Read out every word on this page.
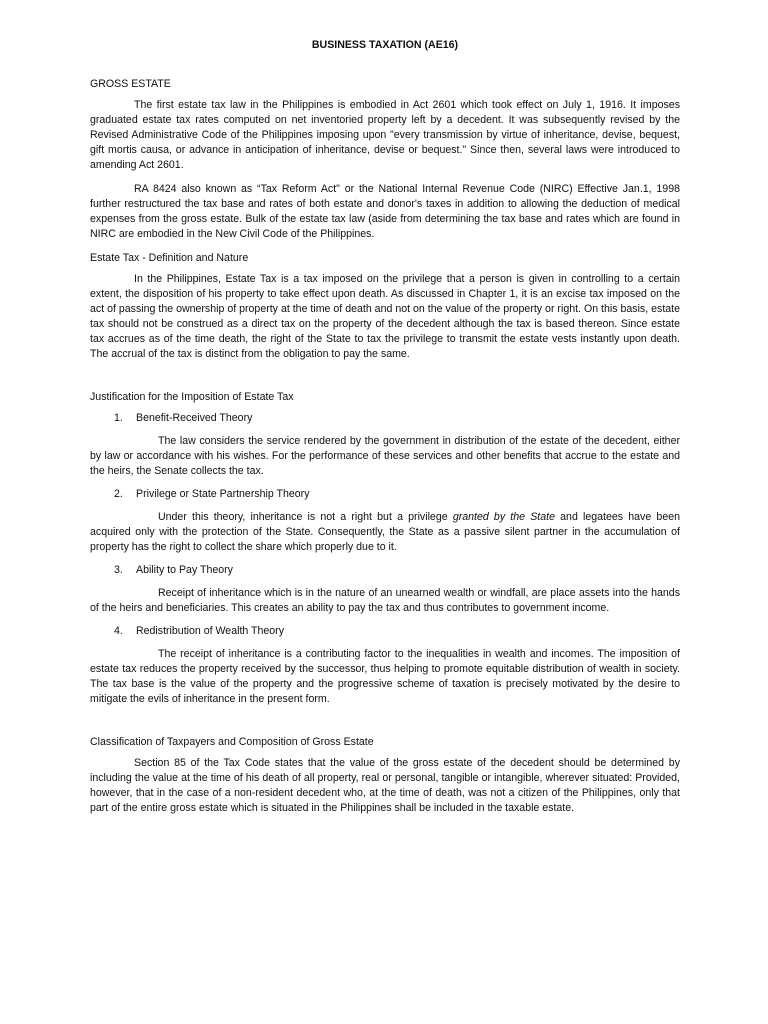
BUSINESS TAXATION (AE16)
GROSS ESTATE

The first estate tax law in the Philippines is embodied in Act 2601 which took effect on July 1, 1916. It imposes graduated estate tax rates computed on net inventoried property left by a decedent. It was subsequently revised by the Revised Administrative Code of the Philippines imposing upon "every transmission by virtue of inheritance, devise, bequest, gift mortis causa, or advance in anticipation of inheritance, devise or bequest." Since then, several laws were introduced to amending Act 2601.

RA 8424 also known as “Tax Reform Act" or the National Internal Revenue Code (NIRC) Effective Jan.1, 1998 further restructured the tax base and rates of both estate and donor's taxes in addition to allowing the deduction of medical expenses from the gross estate. Bulk of the estate tax law (aside from determining the tax base and rates which are found in NIRC are embodied in the New Civil Code of the Philippines.

Estate Tax - Definition and Nature

In the Philippines, Estate Tax is a tax imposed on the privilege that a person is given in controlling to a certain extent, the disposition of his property to take effect upon death. As discussed in Chapter 1, it is an excise tax imposed on the act of passing the ownership of property at the time of death and not on the value of the property or right. On this basis, estate tax should not be construed as a direct tax on the property of the decedent although the tax is based thereon. Since estate tax accrues as of the time death, the right of the State to tax the privilege to transmit the estate vests instantly upon death. The accrual of the tax is distinct from the obligation to pay the same.

Justification for the Imposition of Estate Tax
1.	Benefit-Received Theory

The law considers the service rendered by the government in distribution of the estate of the decedent, either by law or accordance with his wishes. For the performance of these services and other benefits that accrue to the estate and the heirs, the Senate collects the tax.

2.	Privilege or State Partnership Theory

Under this theory, inheritance is not a right but a privilege granted by the State and legatees have been acquired only with the protection of the State. Consequently, the State as a passive silent partner in the accumulation of property has the right to collect the share which properly due to it.

3.	Ability to Pay Theory

Receipt of inheritance which is in the nature of an unearned wealth or windfall, are place assets into the hands of the heirs and beneficiaries. This creates an ability to pay the tax and thus contributes to government income.

4.	Redistribution of Wealth Theory

The receipt of inheritance is a contributing factor to the inequalities in wealth and incomes. The imposition of estate tax reduces the property received by the successor, thus helping to promote equitable distribution of wealth in society. The tax base is the value of the property and the progressive scheme of taxation is precisely motivated by the desire to mitigate the evils of inheritance in the present form.

Classification of Taxpayers and Composition of Gross Estate

Section 85 of the Tax Code states that the value of the gross estate of the decedent should be determined by including the value at the time of his death of all property, real or personal, tangible or intangible, wherever situated: Provided, however, that in the case of a non-resident decedent who, at the time of death, was not a citizen of the Philippines, only that part of the entire gross estate which is situated in the Philippines shall be included in the taxable estate.
